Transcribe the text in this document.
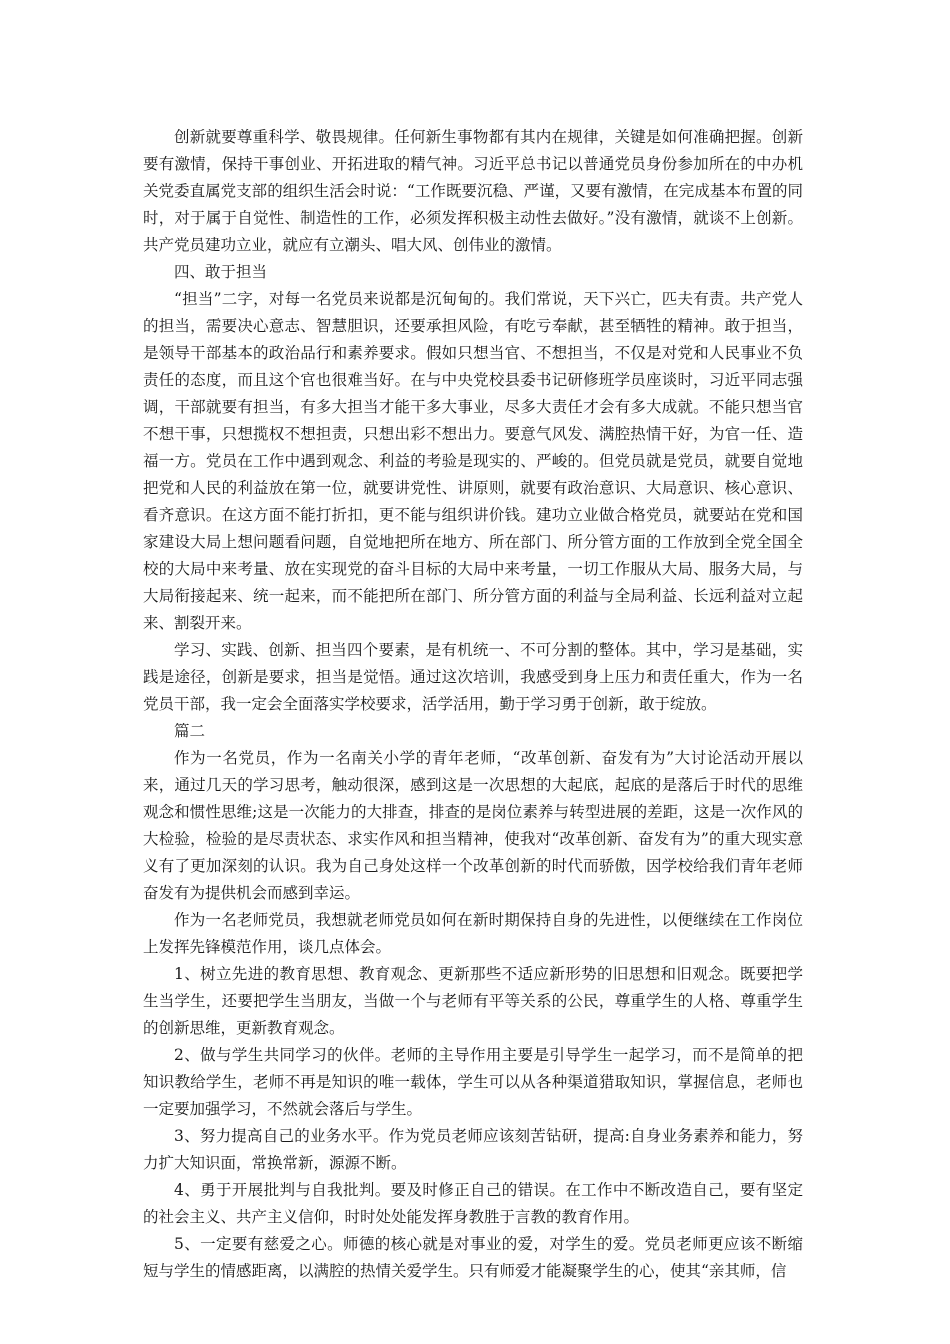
创新就要尊重科学、敬畏规律。任何新生事物都有其内在规律，关键是如何准确把握。创新要有激情，保持干事创业、开拓进取的精气神。习近平总书记以普通党员身份参加所在的中办机关党委直属党支部的组织生活会时说：“工作既要沉稳、严谨，又要有激情，在完成基本布置的同时，对于属于自觉性、制造性的工作，必须发挥积极主动性去做好。”没有激情，就谈不上创新。共产党员建功立业，就应有立潮头、唱大风、创伟业的激情。

四、敢于担当

“担当”二字，对每一名党员来说都是沉甸甸的。我们常说，天下兴亡，匹夫有责。共产党人的担当，需要决心意志、智慧胆识，还要承担风险，有吃亏奉献，甚至牺牲的精神。敢于担当，是领导干部基本的政治品行和素养要求。假如只想当官、不想担当，不仅是对党和人民事业不负责任的态度，而且这个官也很难当好。在与中央党校县委书记研修班学员座谈时，习近平同志强调，干部就要有担当，有多大担当才能干多大事业，尽多大责任才会有多大成就。不能只想当官不想干事，只想揽权不想担责，只想出彩不想出力。要意气风发、满腔热情干好，为官一任、造福一方。党员在工作中遇到观念、利益的考验是现实的、严峻的。但党员就是党员，就要自觉地把党和人民的利益放在第一位，就要讲党性、讲原则，就要有政治意识、大局意识、核心意识、看齐意识。在这方面不能打折扣，更不能与组织讲价钱。建功立业做合格党员，就要站在党和国家建设大局上想问题看问题，自觉地把所在地方、所在部门、所分管方面的工作放到全党全国全校的大局中来考量、放在实现党的奋斗目标的大局中来考量，一切工作服从大局、服务大局，与大局衔接起来、统一起来，而不能把所在部门、所分管方面的利益与全局利益、长远利益对立起来、割裂开来。

学习、实践、创新、担当四个要素，是有机统一、不可分割的整体。其中，学习是基础，实践是途径，创新是要求，担当是觉悟。通过这次培训，我感受到身上压力和责任重大，作为一名党员干部，我一定会全面落实学校要求，活学活用，勤于学习勇于创新，敢于绽放。

篇二

作为一名党员，作为一名南关小学的青年老师，“改革创新、奋发有为”大讨论活动开展以来，通过几天的学习思考，触动很深，感到这是一次思想的大起底，起底的是落后于时代的思维观念和惯性思维;这是一次能力的大排查，排查的是岗位素养与转型进展的差距，这是一次作风的大检验，检验的是尽责状态、求实作风和担当精神，使我对“改革创新、奋发有为”的重大现实意义有了更加深刻的认识。我为自己身处这样一个改革创新的时代而骄傲，因学校给我们青年老师奋发有为提供机会而感到幸运。

作为一名老师党员，我想就老师党员如何在新时期保持自身的先进性，以便继续在工作岗位上发挥先锋模范作用，谈几点体会。

1、树立先进的教育思想、教育观念、更新那些不适应新形势的旧思想和旧观念。既要把学生当学生，还要把学生当朋友，当做一个与老师有平等关系的公民，尊重学生的人格、尊重学生的创新思维，更新教育观念。

2、做与学生共同学习的伙伴。老师的主导作用主要是引导学生一起学习，而不是简单的把知识教给学生，老师不再是知识的唯一载体，学生可以从各种渠道猎取知识，掌握信息，老师也一定要加强学习，不然就会落后与学生。

3、努力提高自己的业务水平。作为党员老师应该刻苦钻研，提高:自身业务素养和能力，努力扩大知识面，常换常新，源源不断。

4、勇于开展批判与自我批判。要及时修正自己的错误。在工作中不断改造自己，要有坚定的社会主义、共产主义信仰，时时处处能发挥身教胜于言教的教育作用。

5、一定要有慈爱之心。师德的核心就是对事业的爱，对学生的爱。党员老师更应该不断缩短与学生的情感距离，以满腔的热情关爱学生。只有师爱才能凝聚学生的心，使其“亲其师，信
